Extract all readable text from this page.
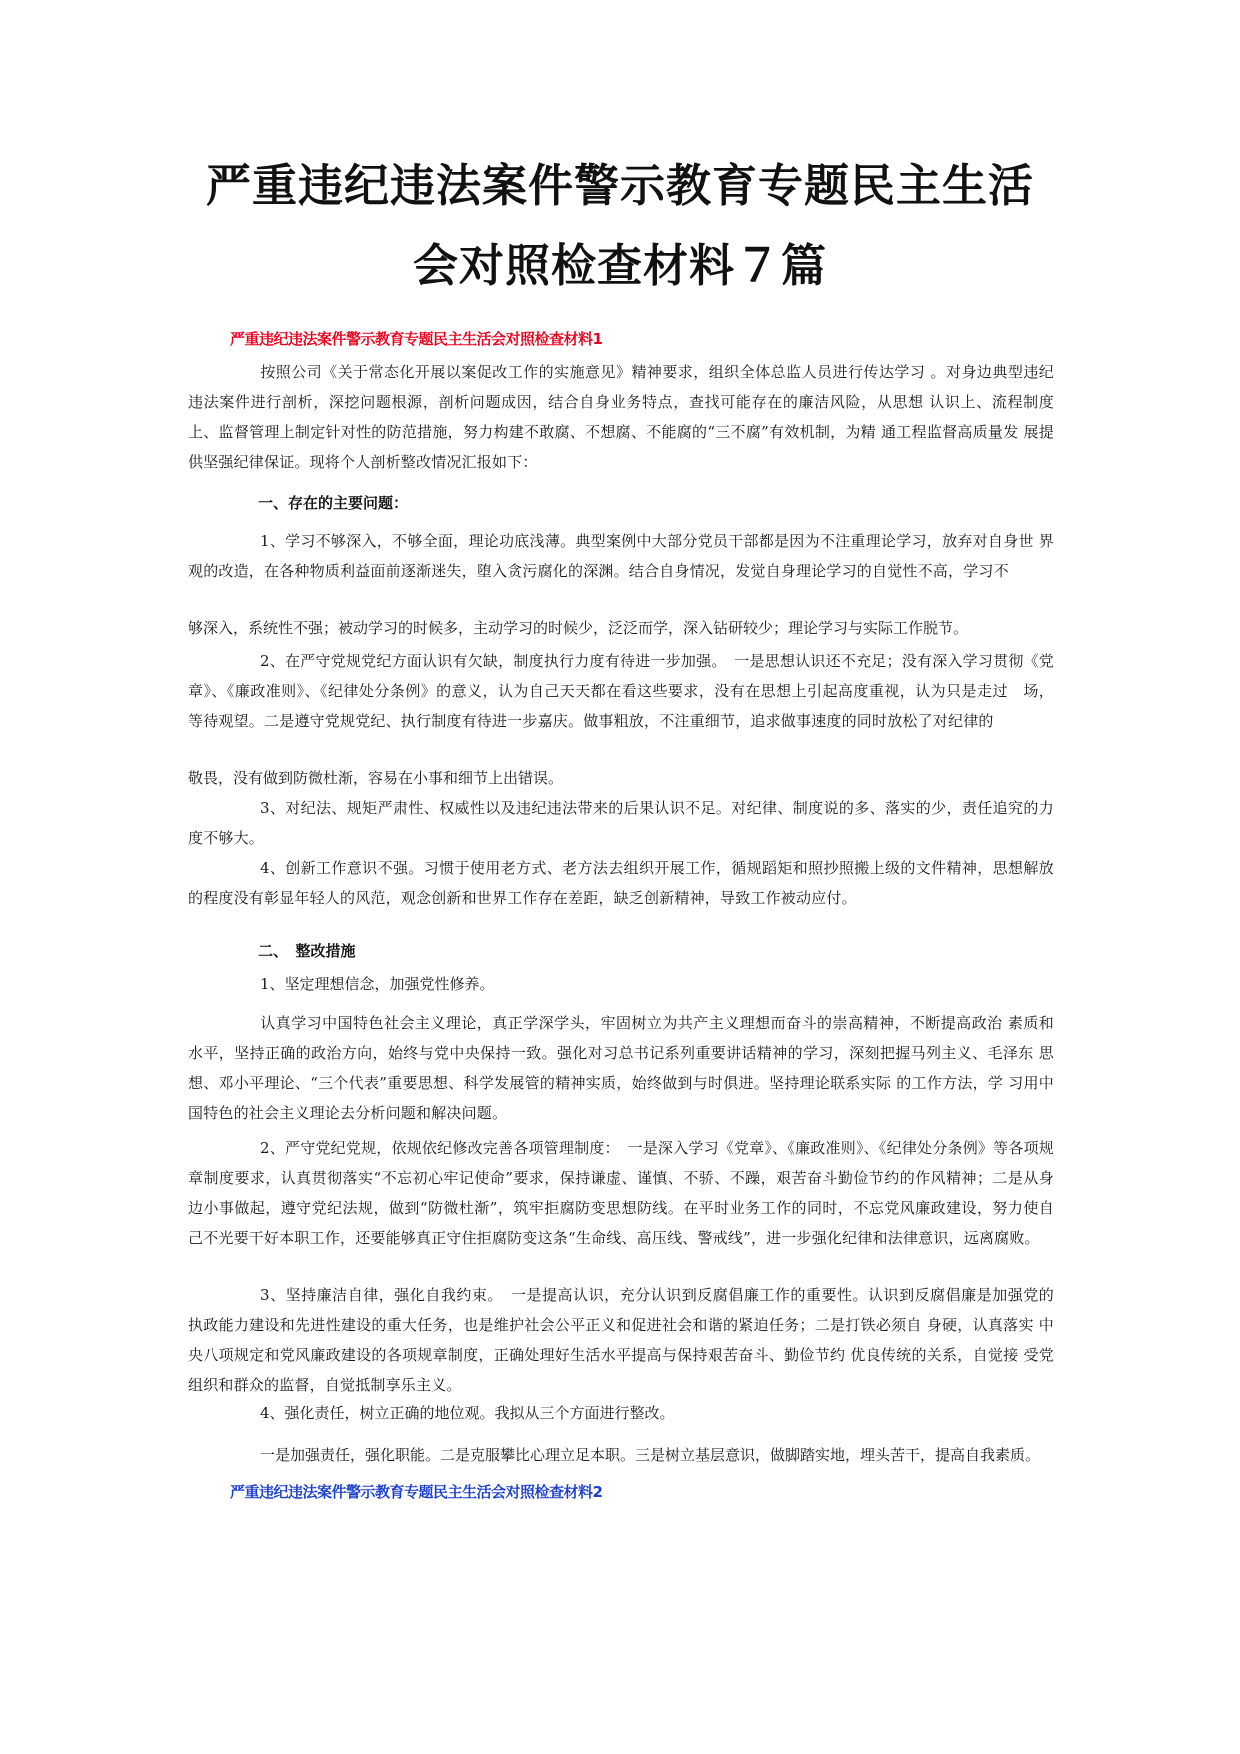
严重违纪违法案件警示教育专题民主生活
会对照检查材料７篇
严重违纪违法案件警示教育专题民主生活会对照检查材料1

按照公司《关于常态化开展以案促改工作的实施意见》精神要求，组织全体总监人员进行传达学习 。对身边典型违纪 违法案件进行剖析，深挖问题根源，剖析问题成因，结合自身业务特点，查找可能存在的廉洁风险，从思想 认识上、流程制度 上、监督管理上制定针对性的防范措施，努力构建不敢腐、不想腐、不能腐的“三不腐”有效机制，为精 通工程监督高质量发 展提供坚强纪律保证。现将个人剖析整改情况汇报如下：

一、存在的主要问题：

1、学习不够深入，不够全面，理论功底浅薄。典型案例中大部分党员干部都是因为不注重理论学习，放弃对自身世 界观的改造，在各种物质利益面前逐渐迷失，堕入贪污腐化的深渊。结合自身情况，发觉自身理论学习的自觉性不高，学习不

够深入，系统性不强；被动学习的时候多，主动学习的时候少，泛泛而学，深入钻研较少；理论学习与实际工作脱节。

2、在严守党规党纪方面认识有欠缺，制度执行力度有待进一步加强。　一是思想认识还不充足；没有深入学习贯彻《党 章》、《廉政准则》、《纪律处分条例》的意义，认为自己天天都在看这些要求，没有在思想上引起高度重视，认为只是走过　场，等待观望。二是遵守党规党纪、执行制度有待进一步嘉庆。做事粗放，不注重细节，追求做事速度的同时放松了对纪律的

敬畏，没有做到防微杜渐，容易在小事和细节上出错误。

3、对纪法、规矩严肃性、权威性以及违纪违法带来的后果认识不足。对纪律、制度说的多、落实的少，责任追究的力度不够大。

4、创新工作意识不强。习惯于使用老方式、老方法去组织开展工作，循规蹈矩和照抄照搬上级的文件精神，思想解放的程度没有彰显年轻人的风范，观念创新和世界工作存在差距，缺乏创新精神，导致工作被动应付。

二、　整改措施

1、坚定理想信念，加强党性修养。

认真学习中国特色社会主义理论，真正学深学头，牢固树立为共产主义理想而奋斗的崇高精神，不断提高政治 素质和　水平，坚持正确的政治方向，始终与党中央保持一致。强化对习总书记系列重要讲话精神的学习，深刻把握马列主义、毛泽东 思想、邓小平理论、“三个代表”重要思想、科学发展管的精神实质，始终做到与时俱进。坚持理论联系实际 的工作方法，学 习用中国特色的社会主义理论去分析问题和解决问题。

2、严守党纪党规，依规依纪修改完善各项管理制度：　一是深入学习《党章》、《廉政准则》、《纪律处分条例》等各项规章制度要求，认真贯彻落实“不忘初心牢记使命”要求，保持谦虚、谨慎、不骄、不躁，艰苦奋斗勤俭节约的作风精神；二是从身边小事做起，遵守党纪法规，做到“防微杜渐”，筑牢拒腐防变思想防线。在平时业务工作的同时，不忘党风廉政建设，努力使自己不光要干好本职工作，还要能够真正守住拒腐防变这条“生命线、高压线、警戒线”，进一步强化纪律和法律意识，远离腐败。

3、坚持廉洁自律，强化自我约束。　一是提高认识，充分认识到反腐倡廉工作的重要性。认识到反腐倡廉是加强党的 执政能力建设和先进性建设的重大任务，也是维护社会公平正义和促进社会和谐的紧迫任务；二是打铁必须自 身硬，认真落实 中央八项规定和党风廉政建设的各项规章制度，正确处理好生活水平提高与保持艰苦奋斗、勤俭节约 优良传统的关系，自觉接 受党组织和群众的监督，自觉抵制享乐主义。

4、强化责任，树立正确的地位观。我拟从三个方面进行整改。

一是加强责任，强化职能。二是克服攀比心理立足本职。三是树立基层意识，做脚踏实地，埋头苦干，提高自我素质。

严重违纪违法案件警示教育专题民主生活会对照检查材料2
